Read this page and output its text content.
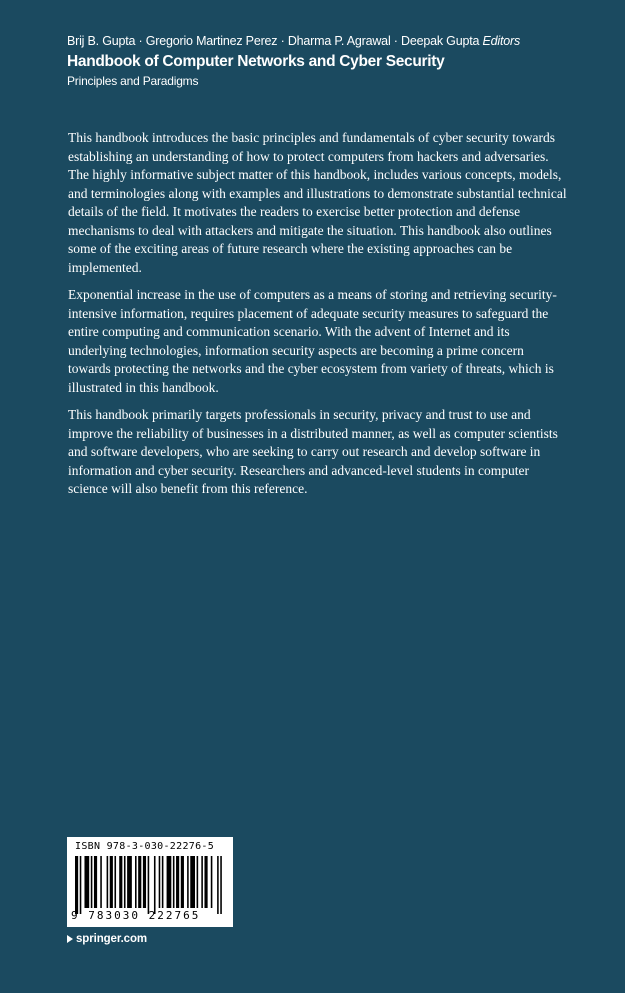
Brij B. Gupta · Gregorio Martinez Perez · Dharma P. Agrawal · Deepak Gupta Editors
Handbook of Computer Networks and Cyber Security
Principles and Paradigms

This handbook introduces the basic principles and fundamentals of cyber security towards establishing an understanding of how to protect computers from hackers and adversaries. The highly informative subject matter of this handbook, includes various concepts, models, and terminologies along with examples and illustrations to demonstrate substantial technical details of the field. It motivates the readers to exercise better protection and defense mechanisms to deal with attackers and mitigate the situation. This handbook also outlines some of the exciting areas of future research where the existing approaches can be implemented.

Exponential increase in the use of computers as a means of storing and retrieving security-intensive information, requires placement of adequate security measures to safeguard the entire computing and communication scenario. With the advent of Internet and its underlying technologies, information security aspects are becoming a prime concern towards protecting the networks and the cyber ecosystem from variety of threats, which is illustrated in this handbook.

This handbook primarily targets professionals in security, privacy and trust to use and improve the reliability of businesses in a distributed manner, as well as computer scientists and software developers, who are seeking to carry out research and develop software in information and cyber security. Researchers and advanced-level students in computer science will also benefit from this reference.

ISBN 978-3-030-22276-5
9 783030 222765
springer.com
